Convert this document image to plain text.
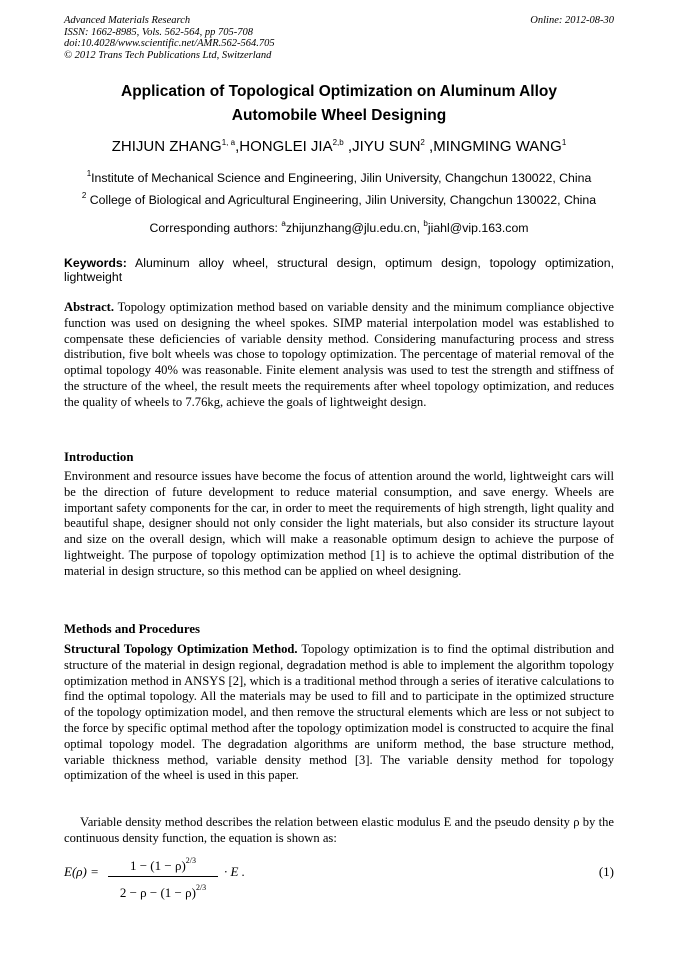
Advanced Materials Research
ISSN: 1662-8985, Vols. 562-564, pp 705-708
doi:10.4028/www.scientific.net/AMR.562-564.705
© 2012 Trans Tech Publications Ltd, Switzerland
Online: 2012-08-30
Application of Topological Optimization on Aluminum Alloy
Automobile Wheel Designing
ZHIJUN ZHANG$^{1, a}$,HONGLEI JIA$^{2,b}$ ,JIYU SUN$^2$ ,MINGMING WANG$^1$
$^1$Institute of Mechanical Science and Engineering, Jilin University, Changchun 130022, China
$^2$ College of Biological and Agricultural Engineering, Jilin University, Changchun 130022, China
Corresponding authors: $^a$zhijunzhang@jlu.edu.cn, $^b$jiahl@vip.163.com
Keywords: Aluminum alloy wheel, structural design, optimum design, topology optimization, lightweight
Abstract. Topology optimization method based on variable density and the minimum compliance objective function was used on designing the wheel spokes. SIMP material interpolation model was established to compensate these deficiencies of variable density method. Considering manufacturing process and stress distribution, five bolt wheels was chose to topology optimization. The percentage of material removal of the optimal topology 40% was reasonable. Finite element analysis was used to test the strength and stiffness of the structure of the wheel, the result meets the requirements after wheel topology optimization, and reduces the quality of wheels to 7.76kg, achieve the goals of lightweight design.
Introduction
Environment and resource issues have become the focus of attention around the world, lightweight cars will be the direction of future development to reduce material consumption, and save energy. Wheels are important safety components for the car, in order to meet the requirements of high strength, light quality and beautiful shape, designer should not only consider the light materials, but also consider its structure layout and size on the overall design, which will make a reasonable optimum design to achieve the purpose of lightweight. The purpose of topology optimization method [1] is to achieve the optimal distribution of the material in design structure, so this method can be applied on wheel designing.
Methods and Procedures
Structural Topology Optimization Method. Topology optimization is to find the optimal distribution and structure of the material in design regional, degradation method is able to implement the algorithm topology optimization method in ANSYS [2], which is a traditional method through a series of iterative calculations to find the optimal topology. All the materials may be used to fill and to participate in the optimized structure of the topology optimization model, and then remove the structural elements which are less or not subject to the force by specific optimal method after the topology optimization model is constructed to acquire the final optimal topology model. The degradation algorithms are uniform method, the base structure method, variable thickness method, variable density method [3]. The variable density method for topology optimization of the wheel is used in this paper.
Variable density method describes the relation between elastic modulus E and the pseudo density ρ by the continuous density function, the equation is shown as:
$E(\rho) = \frac{1 - (1 - \rho)^{2/3}}{2 - \rho - (1 - \rho)^{2/3}} \cdot E$ .	(1)
